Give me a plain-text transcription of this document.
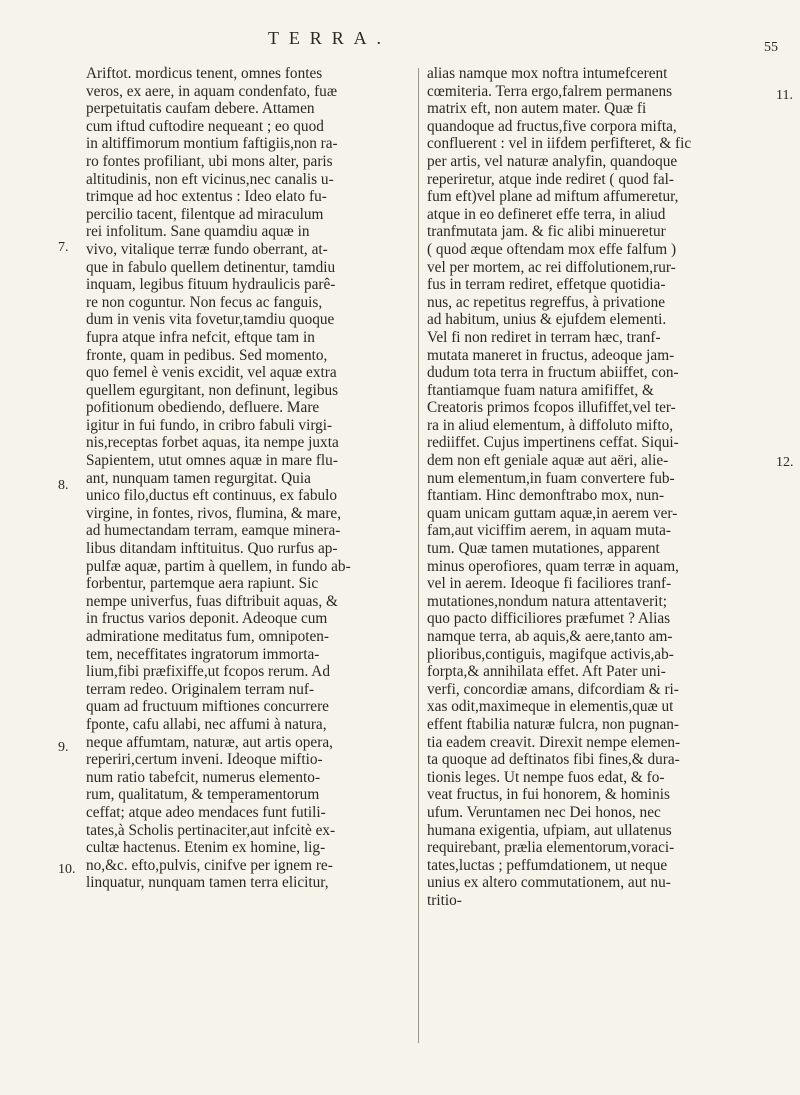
TERRA.	55
Ariftot. mordicus tenent, omnes fontes
veros, ex aere, in aquam condenfato, fuæ
perpetuitatis caufam debere. Attamen
cum iftud cuftodire nequeant ; eo quod
in altiffimorum montium faftigiis,non ra-
ro fontes profiliant, ubi mons alter, paris
altitudinis, non eft vicinus,nec canalis u-
trimque ad hoc extentus : Ideo elato fu-
percilio tacent, filentque ad miraculum
rei infolitum. Sane quamdiu aquæ in
vivo, vitalique terræ fundo oberrant, at-
que in fabulo quellem detinentur, tamdiu
inquam, legibus fituum hydraulicis parê-
re non coguntur. Non fecus ac fanguis,
dum in venis vita fovetur,tamdiu quoque
fupra atque infra nefcit, eftque tam in
fronte, quam in pedibus. Sed momento,
quo femel è venis excidit, vel aquæ extra
quellem egurgitant, non definunt, legibus
pofitionum obediendo, defluere. Mare
igitur in fui fundo, in cribro fabuli virgi-
nis,receptas forbet aquas, ita nempe juxta
Sapientem, utut omnes aquæ in mare flu-
ant, nunquam tamen regurgitat. Quia
unico filo,ductus eft continuus, ex fabulo
virgine, in fontes, rivos, flumina, & mare,
ad humectandam terram, eamque minera-
libus ditandam inftituitus. Quo rurfus ap-
pulfæ aquæ, partim à quellem, in fundo ab-
forbentur, partemque aera rapiunt. Sic
nempe univerfus, fuas diftribuit aquas, &
in fructus varios deponit. Adeoque cum
admiratione meditatus fum, omnipoten-
tem, neceffitates ingratorum immorta-
lium,fibi præfixiffe,ut fcopos rerum. Ad
terram redeo. Originalem terram nuf-
quam ad fructuum miftiones concurrere
fponte, cafu allabi, nec affumi à natura,
neque affumtam, naturæ, aut artis opera,
reperiri,certum inveni. Ideoque miftio-
num ratio tabefcit, numerus elemento-
rum, qualitatum, & temperamentorum
ceffat; atque adeo mendaces funt futili-
tates,à Scholis pertinaciter,aut infcitè ex-
cultæ hactenus. Etenim ex homine, lig-
no,&c. efto,pulvis, cinifve per ignem re-
linquatur, nunquam tamen terra elicitur,
alias namque mox noftra intumefcerent
cœmiteria. Terra ergo,falrem permanens
matrix eft, non autem mater. Quæ fi
quandoque ad fructus,five corpora mifta,
confluerent : vel in iifdem perfifteret, & fic
per artis, vel naturæ analyfin, quandoque
reperiretur, atque inde rediret ( quod fal-
fum eft)vel plane ad miftum affumeretur,
atque in eo defineret effe terra, in aliud
tranfmutata jam. & fic alibi minueretur
( quod æque oftendam mox effe falfum )
vel per mortem, ac rei diffolutionem,rur-
fus in terram rediret, effetque quotidia-
nus, ac repetitus regreffus, à privatione
ad habitum, unius & ejufdem elementi.
Vel fi non rediret in terram hæc, tranf-
mutata maneret in fructus, adeoque jam-
dudum tota terra in fructum abiiffet, con-
ftantiamque fuam natura amififfet, &
Creatoris primos fcopos illufiffet,vel ter-
ra in aliud elementum, à diffoluto mifto,
rediiffet. Cujus impertinens ceffat. Siqui-
dem non eft geniale aquæ aut aëri, alie-
num elementum,in fuam convertere fub-
ftantiam. Hinc demonftrabo mox, nun-
quam unicam guttam aquæ,in aerem ver-
fam,aut viciffim aerem, in aquam muta-
tum. Quæ tamen mutationes, apparent
minus operofiores, quam terræ in aquam,
vel in aerem. Ideoque fi faciliores tranf-
mutationes,nondum natura attentaverit;
quo pacto difficiliores præfumet ? Alias
namque terra, ab aquis,& aere,tanto am-
plioribus,contiguis, magifque activis,ab-
forpta,& annihilata effet. Aft Pater uni-
verfi, concordiæ amans, difcordiam & ri-
xas odit,maximeque in elementis,quæ ut
effent ftabilia naturæ fulcra, non pugnan-
tia eadem creavit. Direxit nempe elemen-
ta quoque ad deftinatos fibi fines,& dura-
tionis leges. Ut nempe fuos edat, & fo-
veat fructus, in fui honorem, & hominis
ufum. Veruntamen nec Dei honos, nec
humana exigentia, ufpiam, aut ullatenus
requirebant, prælia elementorum,voraci-
tates,luctas ; peffumdationem, ut neque
unius ex altero commutationem, aut nu-
tritio-
7.
8.
9.
10.
11.
12.
